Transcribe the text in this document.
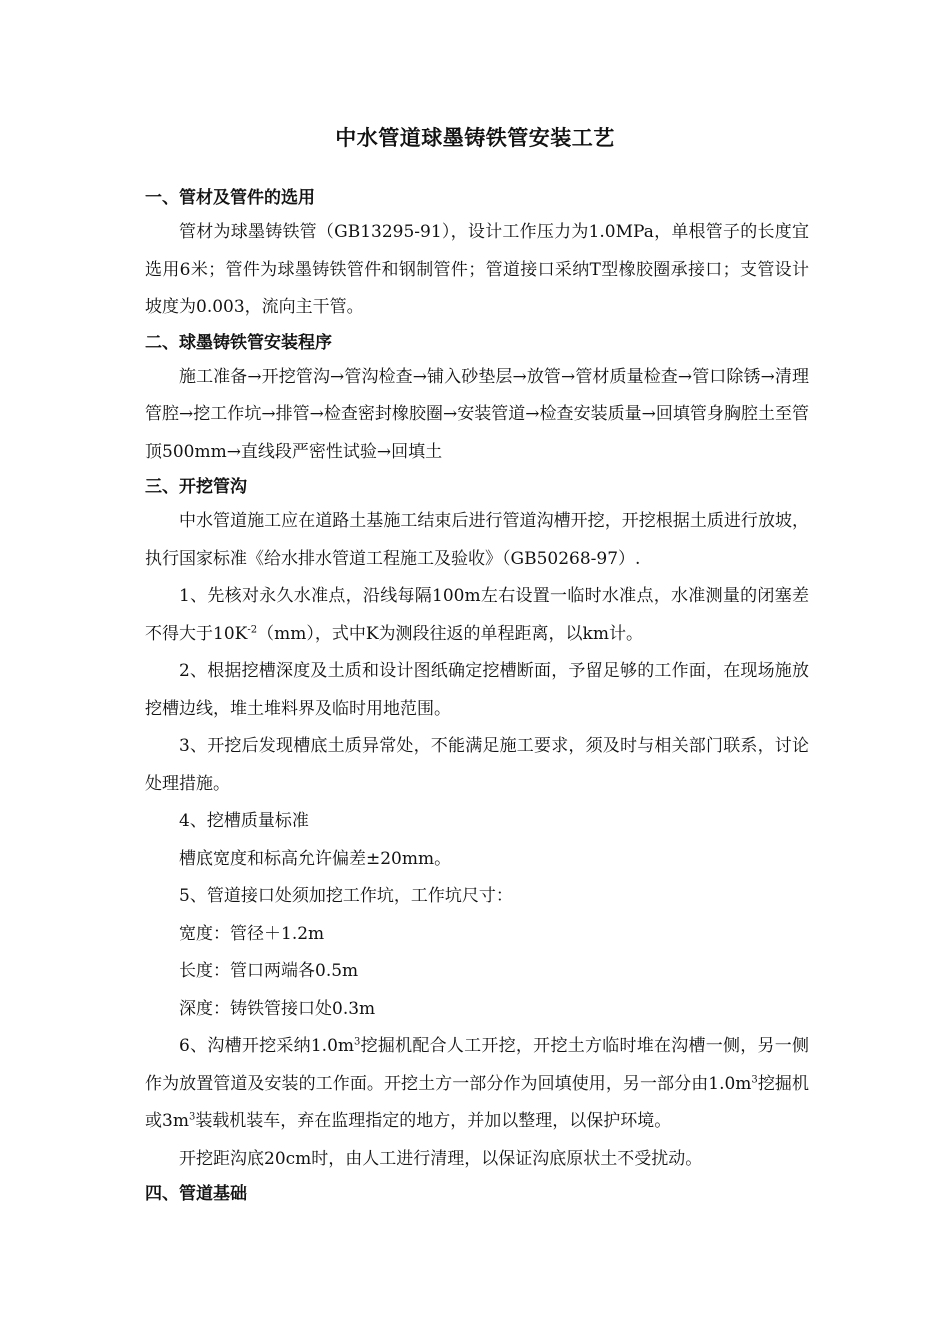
中水管道球墨铸铁管安装工艺
一、管材及管件的选用

管材为球墨铸铁管（GB13295-91），设计工作压力为1.0MPa，单根管子的长度宜选用6米；管件为球墨铸铁管件和钢制管件；管道接口采纳T型橡胶圈承接口；支管设计坡度为0.003，流向主干管。

二、球墨铸铁管安装程序

施工准备→开挖管沟→管沟检查→铺入砂垫层→放管→管材质量检查→管口除锈→清理管腔→挖工作坑→排管→检查密封橡胶圈→安装管道→检查安装质量→回填管身胸腔土至管顶500mm→直线段严密性试验→回填土

三、开挖管沟

中水管道施工应在道路土基施工结束后进行管道沟槽开挖，开挖根据土质进行放坡，执行国家标准《给水排水管道工程施工及验收》（GB50268-97）.

1、先核对永久水准点，沿线每隔100m左右设置一临时水准点，水准测量的闭塞差不得大于$10K^{-2}(mm)$，式中K为测段往返的单程距离，以km计。

2、根据挖槽深度及土质和设计图纸确定挖槽断面，予留足够的工作面，在现场施放挖槽边线，堆土堆料界及临时用地范围。

3、开挖后发现槽底土质异常处，不能满足施工要求，须及时与相关部门联系，讨论处理措施。

4、挖槽质量标准

槽底宽度和标高允许偏差±20mm。

5、管道接口处须加挖工作坑，工作坑尺寸：

宽度：管径＋1.2m

长度：管口两端各0.5m

深度：铸铁管接口处0.3m

6、沟槽开挖采纳$1.0m^3$挖掘机配合人工开挖，开挖土方临时堆在沟槽一侧，另一侧作为放置管道及安装的工作面。开挖土方一部分作为回填使用，另一部分由$1.0m^3$挖掘机或$3m^3$装载机装车，弃在监理指定的地方，并加以整理，以保护环境。

开挖距沟底20cm时，由人工进行清理，以保证沟底原状土不受扰动。

四、管道基础
